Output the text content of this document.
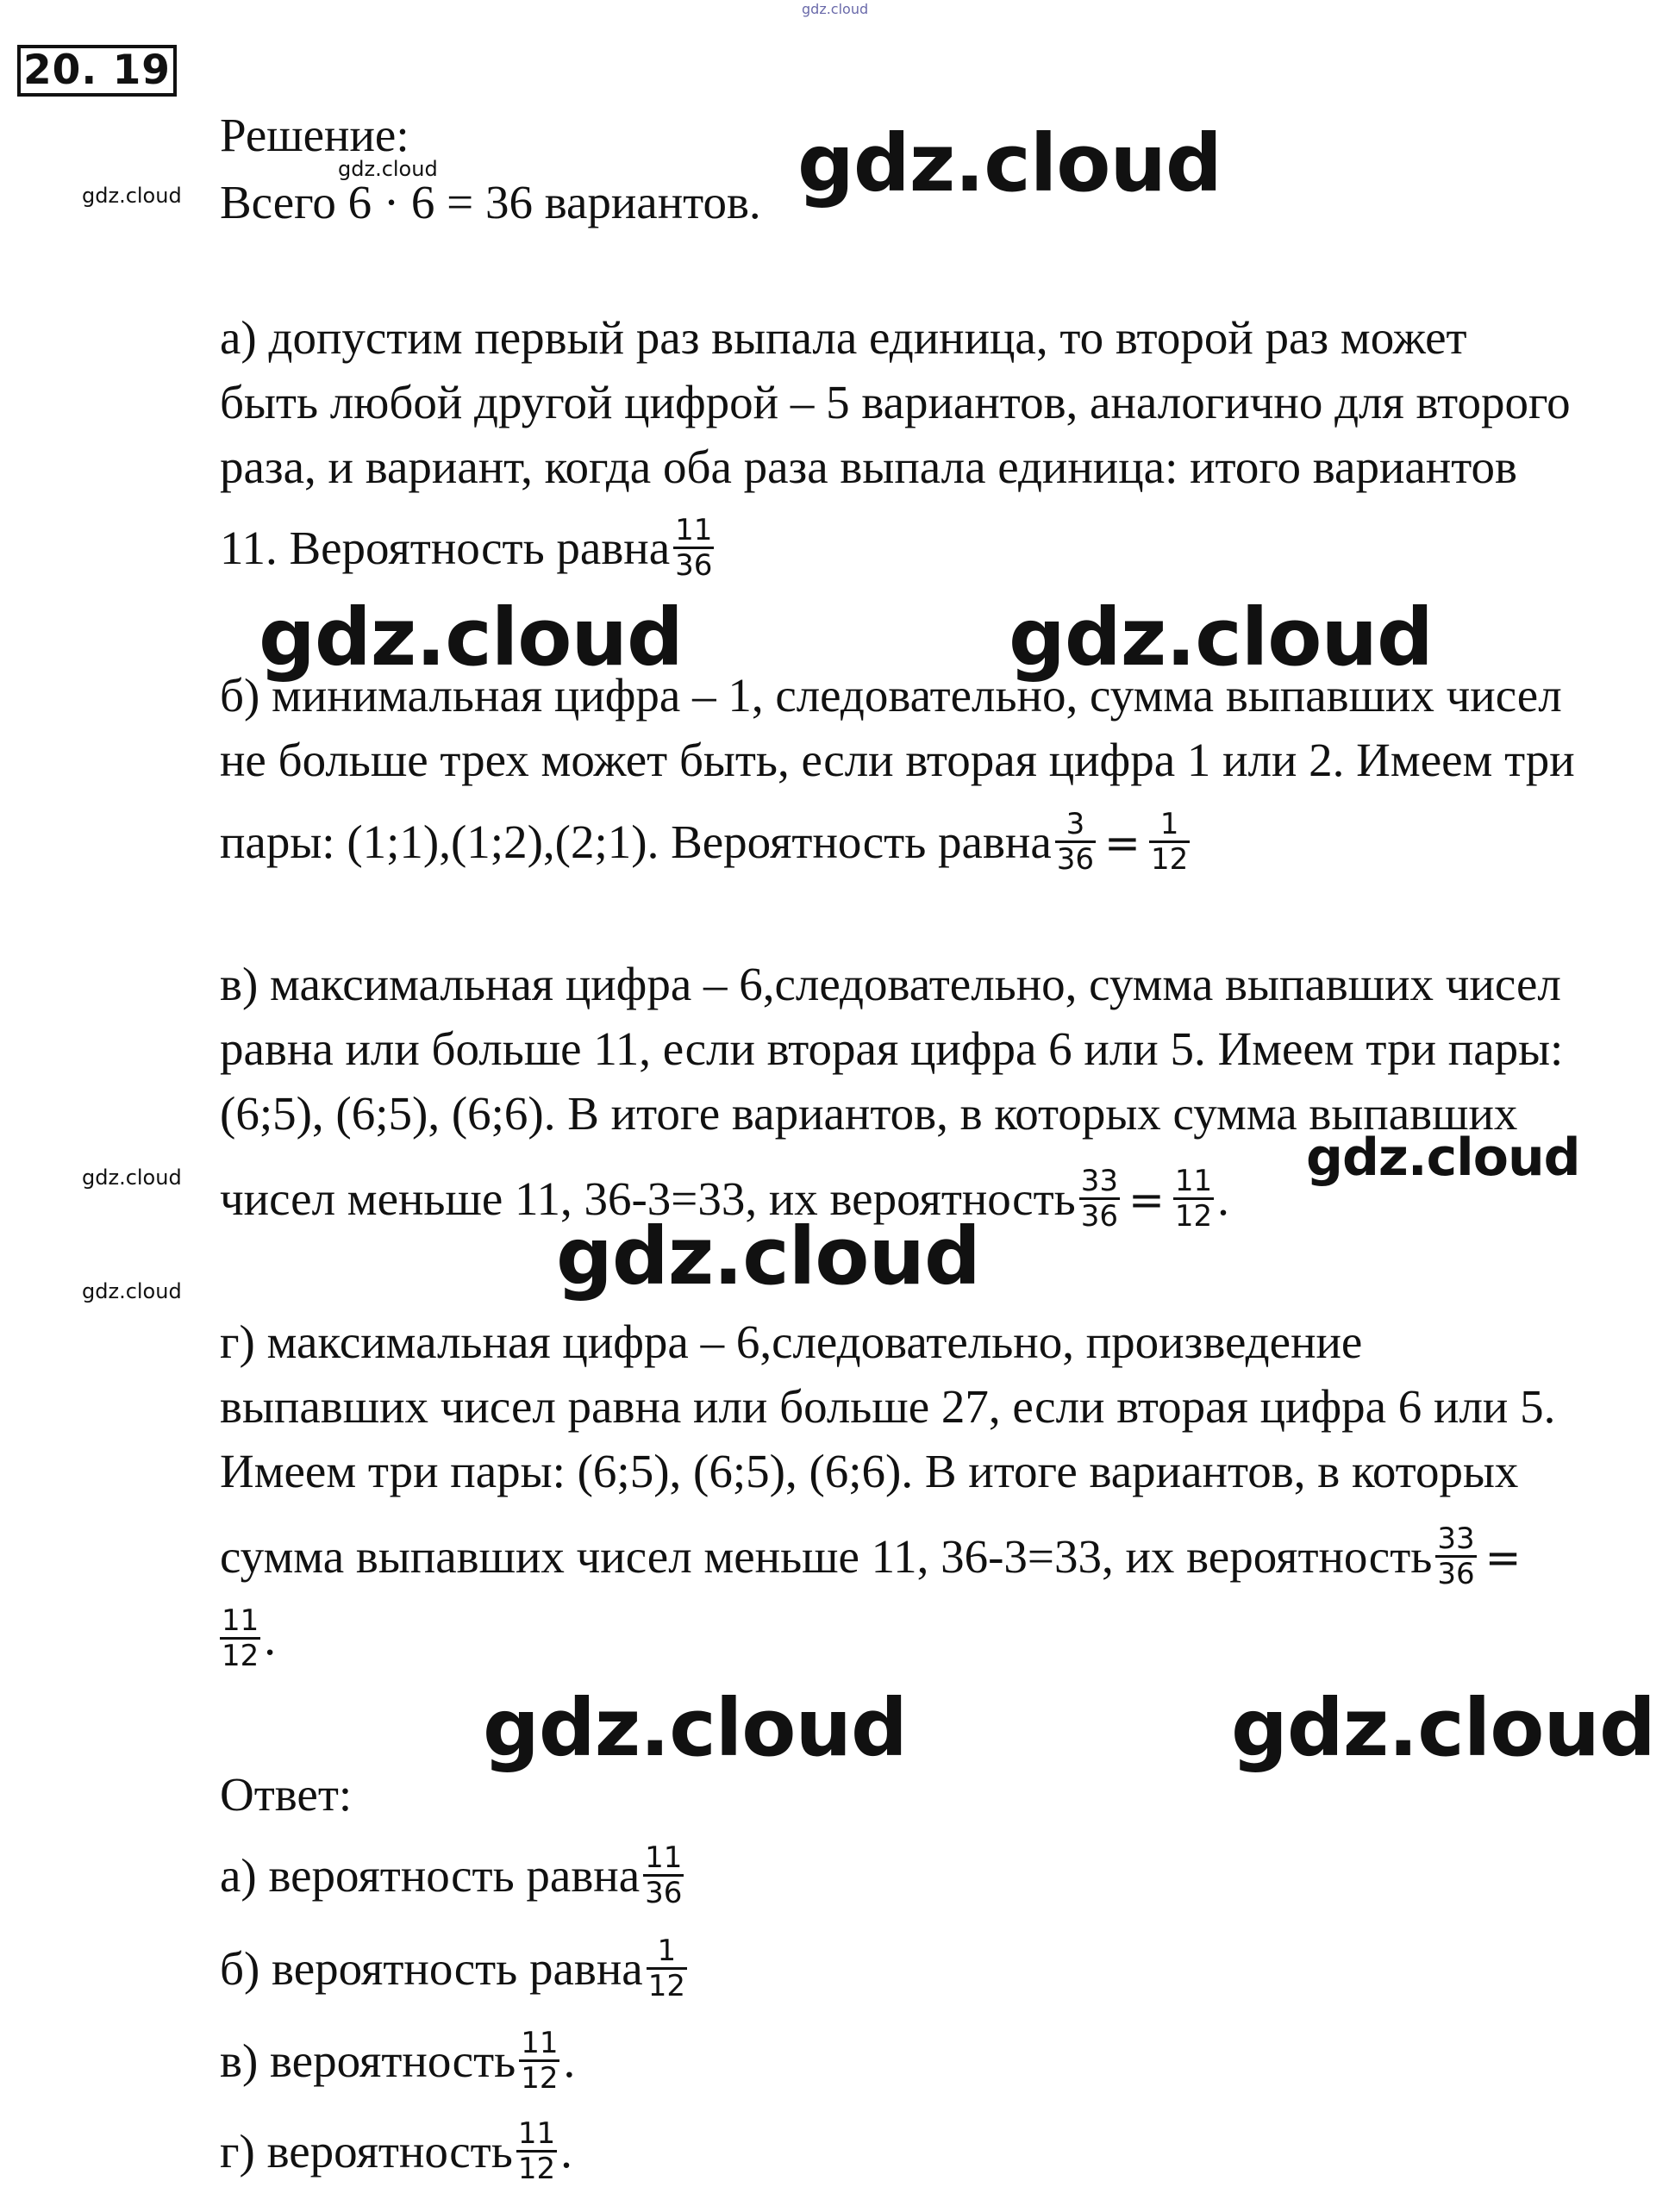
20. 19
Решение:
Всего 6 · 6 = 36 вариантов.
а) допустим первый раз выпала единица, то второй раз может
быть любой другой цифрой – 5 вариантов, аналогично для второго
раза, и вариант, когда оба раза выпала единица: итого вариантов
11. Вероятность равна $\frac{11}{36}$
б) минимальная цифра – 1, следовательно, сумма выпавших чисел
не больше трех может быть, если вторая цифра 1 или 2. Имеем три
пары: (1;1),(1;2),(2;1). Вероятность равна $\frac{3}{36} = \frac{1}{12}$
в) максимальная цифра – 6,следовательно, сумма выпавших чисел
равна или больше 11, если вторая цифра 6 или 5. Имеем три пары:
(6;5), (6;5), (6;6). В итоге вариантов, в которых сумма выпавших
чисел меньше 11, 36-3=33, их вероятность $\frac{33}{36} = \frac{11}{12}$ .
г) максимальная цифра – 6,следовательно, произведение
выпавших чисел равна или больше 27, если вторая цифра 6 или 5.
Имеем три пары: (6;5), (6;5), (6;6). В итоге вариантов, в которых
сумма выпавших чисел меньше 11, 36-3=33, их вероятность $\frac{33}{36}$ =
$\frac{11}{12}$ .
Ответ:
а) вероятность равна $\frac{11}{36}$
б) вероятность равна $\frac{1}{12}$
в) вероятность $\frac{11}{12}$ .
г) вероятность $\frac{11}{12}$ .
gdz.cloud
gdz.cloud
gdz.cloud	gdz.cloud
gdz.cloud	gdz.cloud
gdz.cloud
gdz.cloud
gdz.cloud
gdz.cloud
gdz.cloud	gdz.cloud
